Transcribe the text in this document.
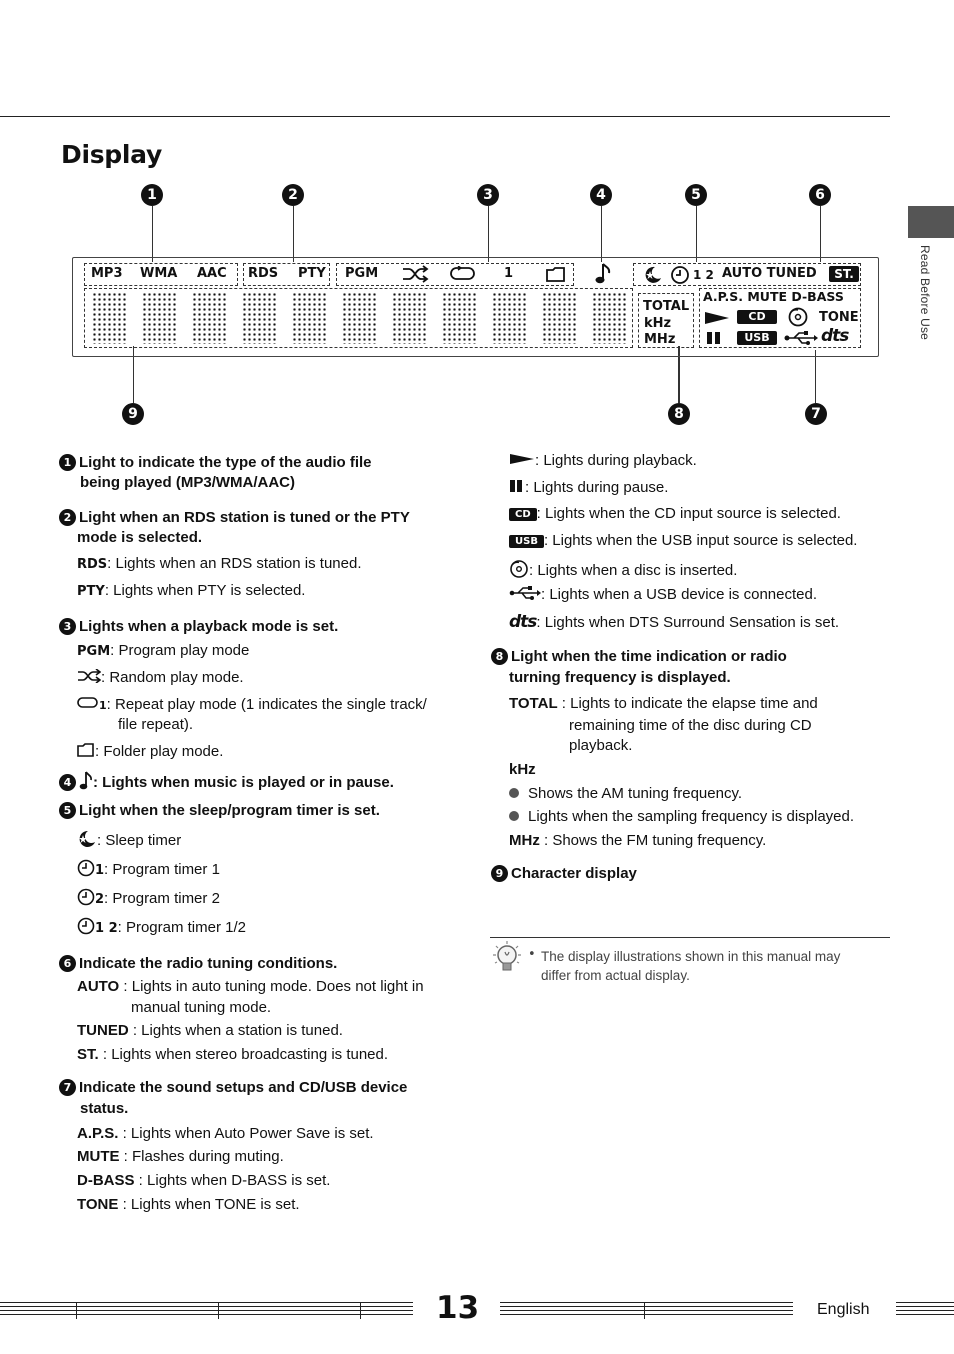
Display
Read Before Use
1	2	3	4	5	6
7
8
9
MP3 WMA AAC RDS PTY PGM	1	1 2 AUTO TUNED	ST.
TOTAL
kHz
MHz
A.P.S. MUTE D-BASS
CD	TONE
USB	dts
1 Light to indicate the type of the audio file
being played (MP3/WMA/AAC)
2 Light when an RDS station is tuned or the PTY
mode is selected.
RDS: Lights when an RDS station is tuned.
PTY: Lights when PTY is selected.
3 Lights when a playback mode is set.
PGM: Program play mode
: Random play mode.
1: Repeat play mode (1 indicates the single track/
file repeat).
: Folder play mode.
4 : Lights when music is played or in pause.
5 Light when the sleep/program timer is set.
: Sleep timer
1: Program timer 1
2: Program timer 2
1 2: Program timer 1/2
6 Indicate the radio tuning conditions.
AUTO : Lights in auto tuning mode. Does not light in
manual tuning mode.
TUNED : Lights when a station is tuned.
ST. : Lights when stereo broadcasting is tuned.
7 Indicate the sound setups and CD/USB device
status.
A.P.S. : Lights when Auto Power Save is set.
MUTE : Flashes during muting.
D-BASS : Lights when D-BASS is set.
TONE : Lights when TONE is set.
: Lights during playback.
: Lights during pause.
CD : Lights when the CD input source is selected.
USB : Lights when the USB input source is selected.
: Lights when a disc is inserted.
: Lights when a USB device is connected.
dts: Lights when DTS Surround Sensation is set.
8 Light when the time indication or radio
turning frequency is displayed.
TOTAL : Lights to indicate the elapse time and
remaining time of the disc during CD
playback.
kHz
Shows the AM tuning frequency.
Lights when the sampling frequency is displayed.
MHz : Shows the FM tuning frequency.
9 Character display
• The display illustrations shown in this manual may
differ from actual display.
13	English
